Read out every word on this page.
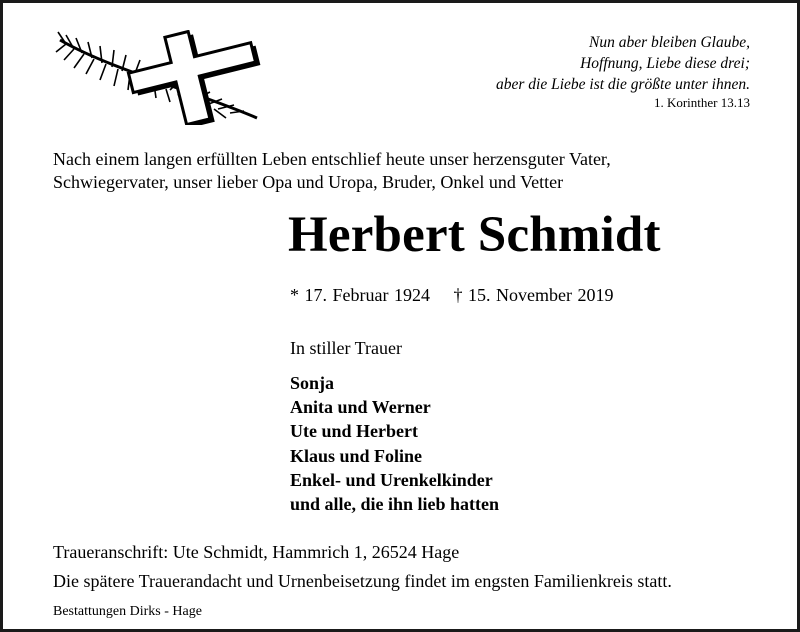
Nun aber bleiben Glaube,
Hoffnung, Liebe diese drei;
aber die Liebe ist die größte unter ihnen.
1. Korinther 13.13
Nach einem langen erfüllten Leben entschlief heute unser herzensguter Vater,
Schwiegervater, unser lieber Opa und Uropa, Bruder, Onkel und Vetter
Herbert Schmidt
* 17. Februar 1924 † 15. November 2019
In stiller Trauer
Sonja
Anita und Werner
Ute und Herbert
Klaus und Foline
Enkel- und Urenkelkinder
und alle, die ihn lieb hatten
Traueranschrift: Ute Schmidt, Hammrich 1, 26524 Hage
Die spätere Trauerandacht und Urnenbeisetzung findet im engsten Familienkreis statt.
Bestattungen Dirks - Hage
